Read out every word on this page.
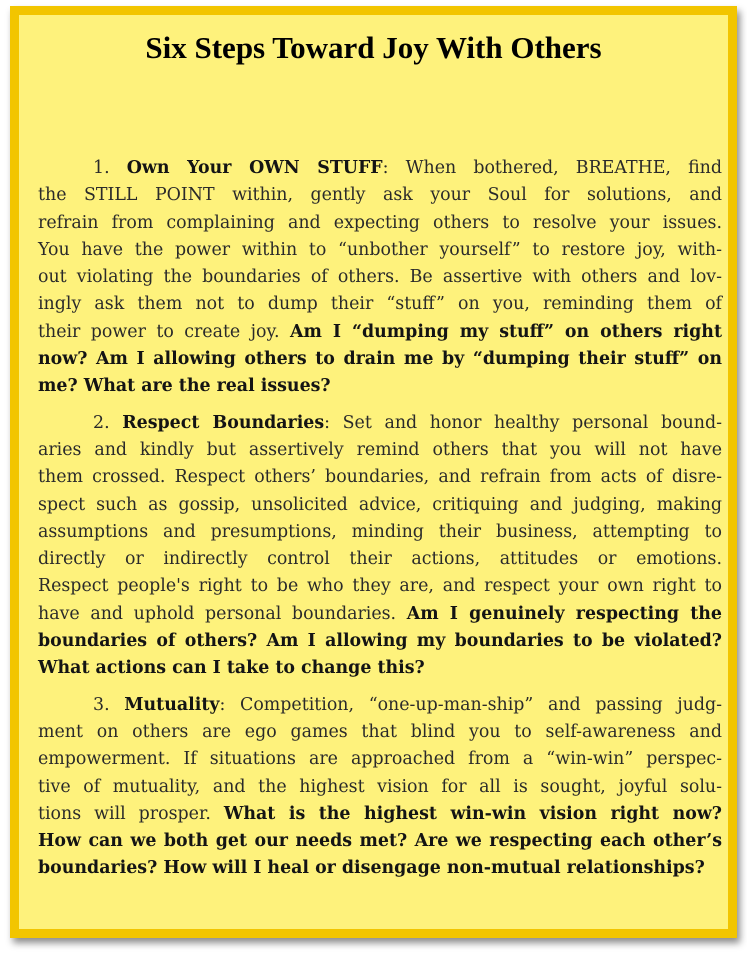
Six Steps Toward Joy With Others
1. Own Your OWN STUFF: When bothered, BREATHE, find
the STILL POINT within, gently ask your Soul for solutions, and
refrain from complaining and expecting others to resolve your issues.
You have the power within to “unbother yourself” to restore joy, with-
out violating the boundaries of others. Be assertive with others and lov-
ingly ask them not to dump their “stuff” on you, reminding them of
their power to create joy. Am I “dumping my stuff” on others right
now? Am I allowing others to drain me by “dumping their stuff” on
me? What are the real issues?
2. Respect Boundaries: Set and honor healthy personal bound-
aries and kindly but assertively remind others that you will not have
them crossed. Respect others’ boundaries, and refrain from acts of disre-
spect such as gossip, unsolicited advice, critiquing and judging, making
assumptions and presumptions, minding their business, attempting to
directly or indirectly control their actions, attitudes or emotions.
Respect people's right to be who they are, and respect your own right to
have and uphold personal boundaries. Am I genuinely respecting the
boundaries of others? Am I allowing my boundaries to be violated?
What actions can I take to change this?
3. Mutuality: Competition, “one-up-man-ship” and passing judg-
ment on others are ego games that blind you to self-awareness and
empowerment. If situations are approached from a “win-win” perspec-
tive of mutuality, and the highest vision for all is sought, joyful solu-
tions will prosper. What is the highest win-win vision right now?
How can we both get our needs met? Are we respecting each other’s
boundaries? How will I heal or disengage non-mutual relationships?
